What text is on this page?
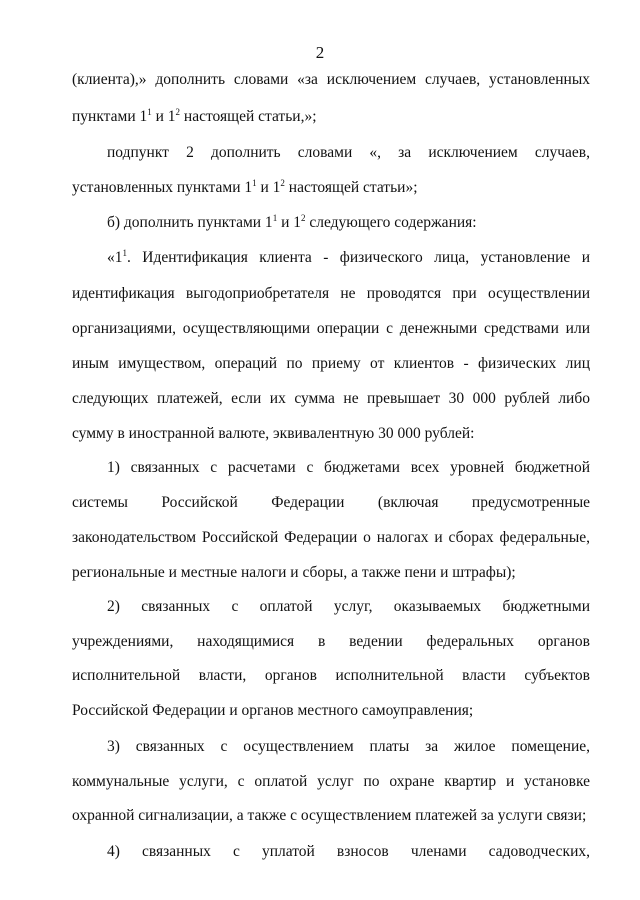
2
(клиента),» дополнить словами «за исключением случаев, установленных
пунктами $1^1$ и $1^2$ настоящей статьи,»;
подпункт 2 дополнить словами «, за исключением случаев,
установленных пунктами $1^1$ и $1^2$ настоящей статьи»;
б) дополнить пунктами $1^1$ и $1^2$ следующего содержания:
«$1^1$. Идентификация клиента - физического лица, установление и
идентификация выгодоприобретателя не проводятся при осуществлении
организациями, осуществляющими операции с денежными средствами или
иным имуществом, операций по приему от клиентов - физических лиц
следующих платежей, если их сумма не превышает 30 000 рублей либо
сумму в иностранной валюте, эквивалентную 30 000 рублей:
1) связанных с расчетами с бюджетами всех уровней бюджетной
системы Российской Федерации (включая предусмотренные
законодательством Российской Федерации о налогах и сборах федеральные,
региональные и местные налоги и сборы, а также пени и штрафы);
2) связанных с оплатой услуг, оказываемых бюджетными
учреждениями, находящимися в ведении федеральных органов
исполнительной власти, органов исполнительной власти субъектов
Российской Федерации и органов местного самоуправления;
3) связанных с осуществлением платы за жилое помещение,
коммунальные услуги, с оплатой услуг по охране квартир и установке
охранной сигнализации, а также с осуществлением платежей за услуги связи;
4) связанных с уплатой взносов членами садоводческих,
